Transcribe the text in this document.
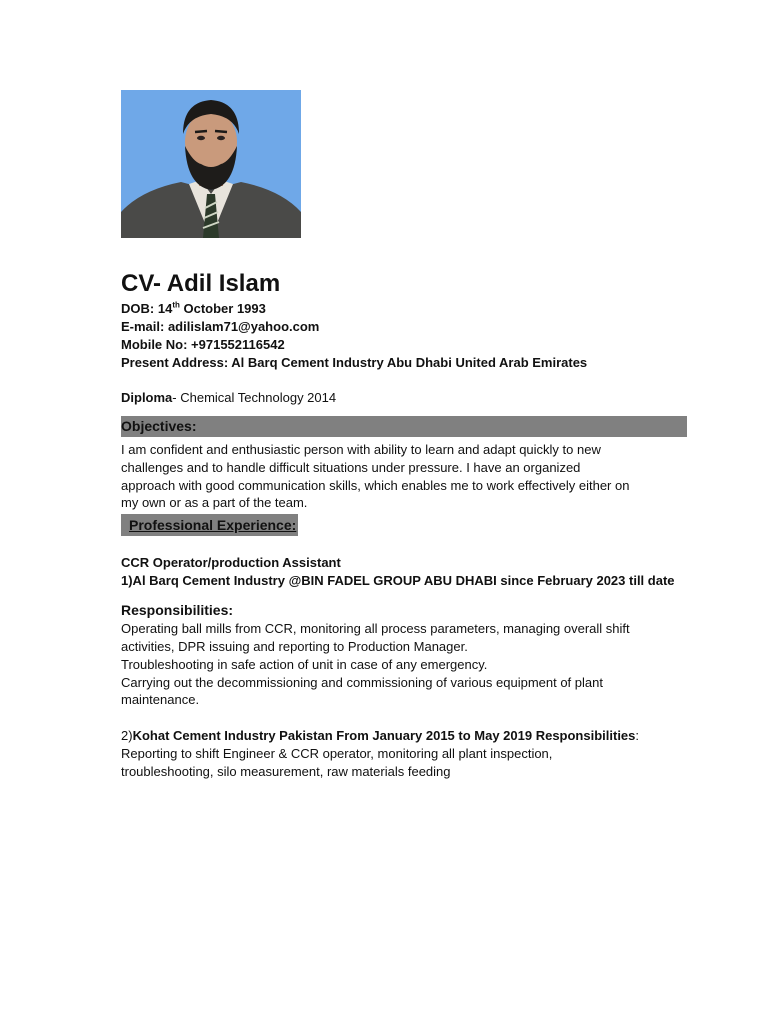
CV- Adil Islam
DOB: 14th October 1993
E-mail: adilislam71@yahoo.com
Mobile No: +971552116542
Present Address: Al Barq Cement Industry Abu Dhabi United Arab Emirates
Diploma- Chemical Technology 2014
Objectives:

I am confident and enthusiastic person with ability to learn and adapt quickly to new

challenges and to handle difficult situations under pressure. I have an organized

approach with good communication skills, which enables me to work effectively either on

my own or as a part of the team.

Professional Experience:
CCR Operator/production Assistant
1)Al Barq Cement Industry @BIN FADEL GROUP ABU DHABI since February 2023 till date
Responsibilities:

Operating ball mills from CCR, monitoring all process parameters, managing overall shift

activities, DPR issuing and reporting to Production Manager.

Troubleshooting in safe action of unit in case of any emergency.

Carrying out the decommissioning and commissioning of various equipment of plant

maintenance.

2)Kohat Cement Industry Pakistan From January 2015 to May 2019 Responsibilities:

Reporting to shift Engineer & CCR operator, monitoring all plant inspection,

troubleshooting, silo measurement, raw materials feeding
